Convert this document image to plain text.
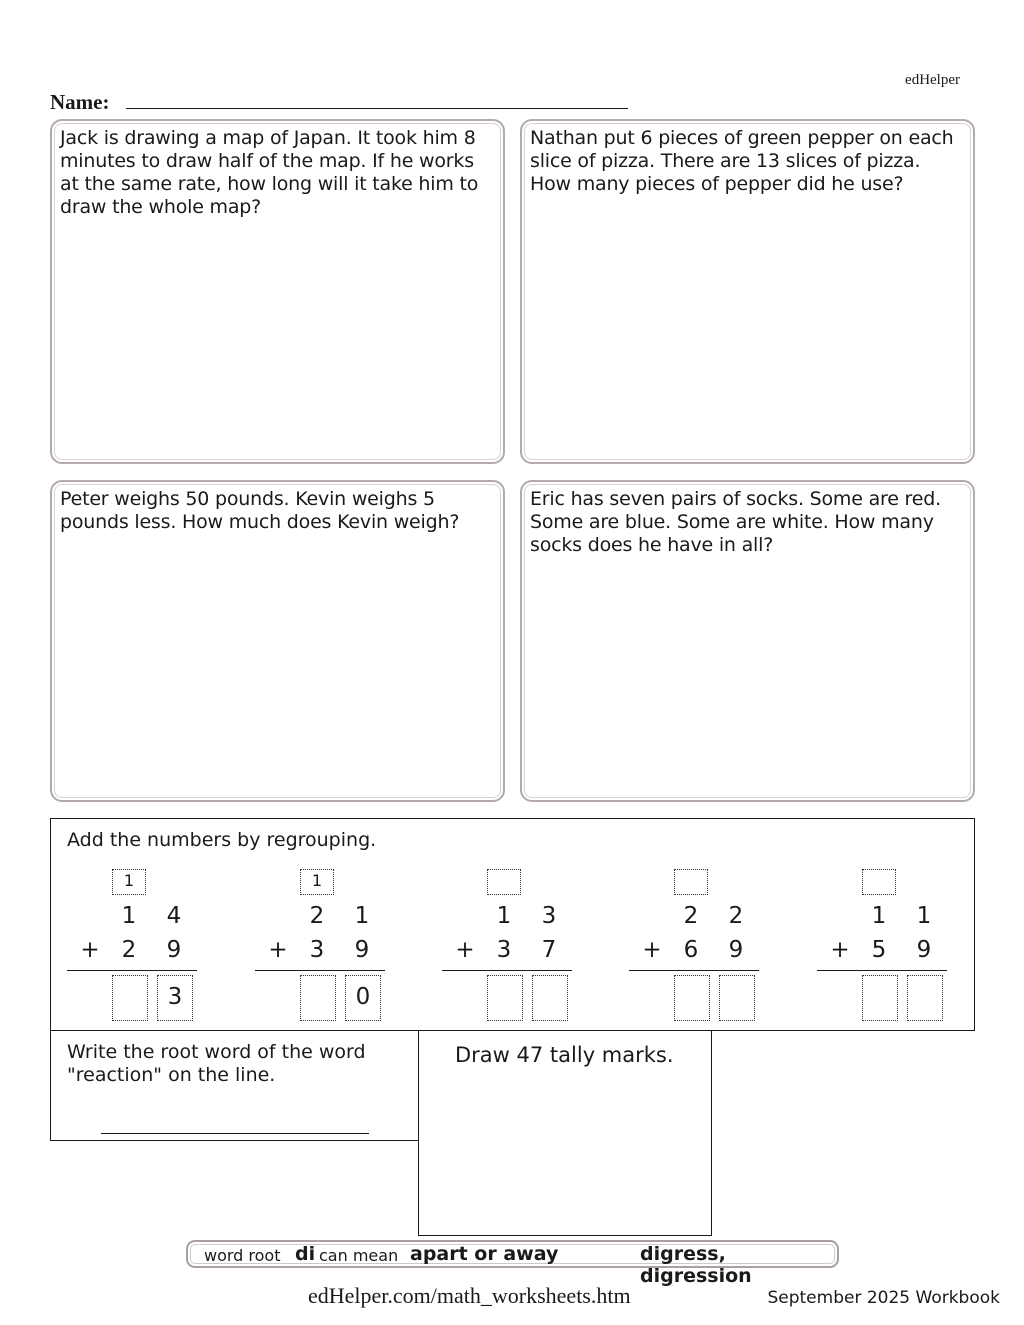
edHelper
Name:
Jack is drawing a map of Japan. It took him 8 minutes to draw half of the map. If he works at the same rate, how long will it take him to draw the whole map?
Nathan put 6 pieces of green pepper on each slice of pizza. There are 13 slices of pizza. How many pieces of pepper did he use?
Peter weighs 50 pounds. Kevin weighs 5 pounds less. How much does Kevin weigh?
Eric has seven pairs of socks. Some are red. Some are blue. Some are white. How many socks does he have in all?
Add the numbers by regrouping.
1
1	4
+ 2	9
3
1
2	1
+ 3	9
0
1	3
+ 3	7
2	2
+ 6	9
1	1
+ 5	9
Write the root word of the word "reaction" on the line.
Draw 47 tally marks.
word root di can mean apart or away	digress, digression
edHelper.com/math_worksheets.htm	September 2025 Workbook
